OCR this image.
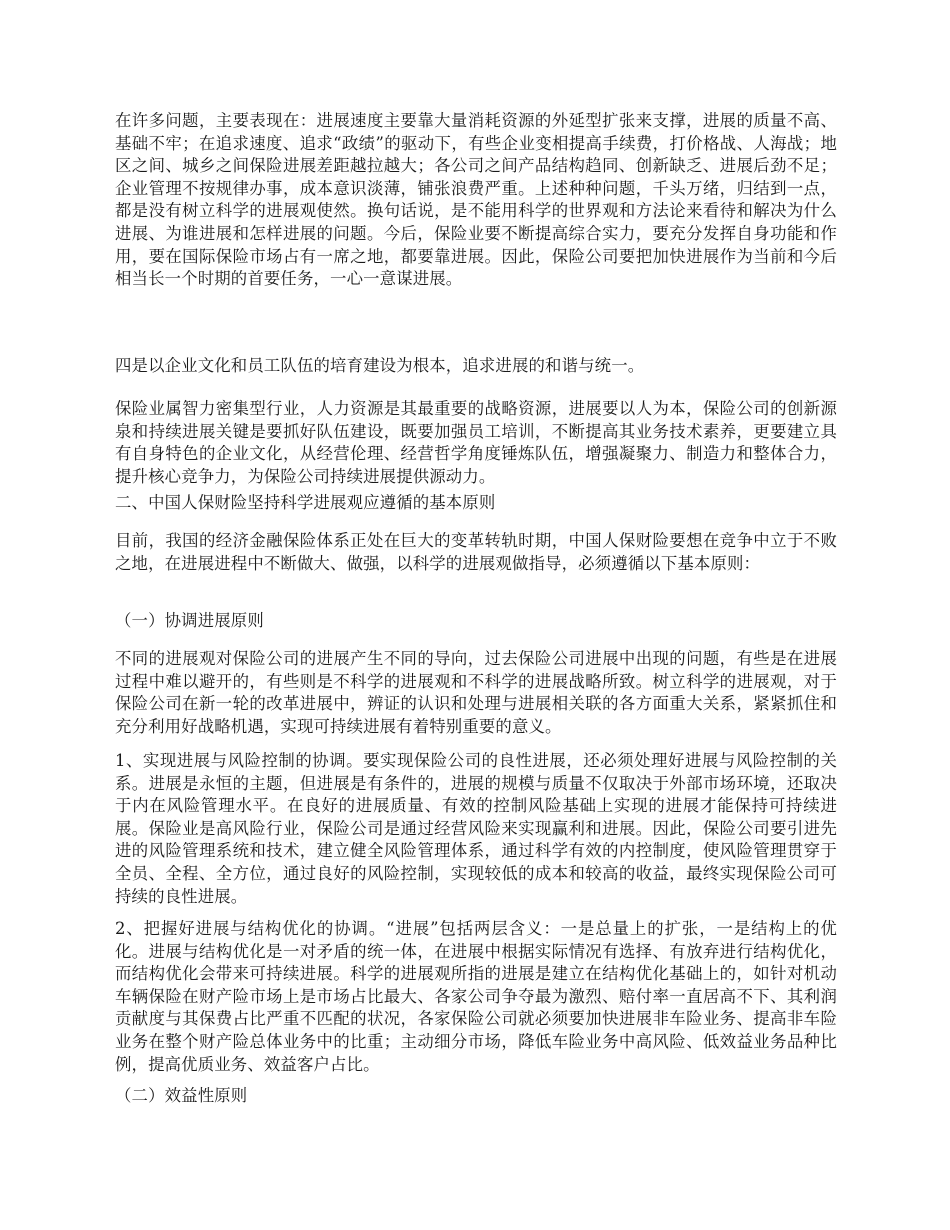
在许多问题，主要表现在：进展速度主要靠大量消耗资源的外延型扩张来支撑，进展的质量不高、基础不牢；在追求速度、追求“政绩”的驱动下，有些企业变相提高手续费，打价格战、人海战；地区之间、城乡之间保险进展差距越拉越大；各公司之间产品结构趋同、创新缺乏、进展后劲不足；企业管理不按规律办事，成本意识淡薄，铺张浪费严重。上述种种问题，千头万绪，归结到一点，都是没有树立科学的进展观使然。换句话说，是不能用科学的世界观和方法论来看待和解决为什么进展、为谁进展和怎样进展的问题。今后，保险业要不断提高综合实力，要充分发挥自身功能和作用，要在国际保险市场占有一席之地，都要靠进展。因此，保险公司要把加快进展作为当前和今后相当长一个时期的首要任务，一心一意谋进展。

四是以企业文化和员工队伍的培育建设为根本，追求进展的和谐与统一。

保险业属智力密集型行业，人力资源是其最重要的战略资源，进展要以人为本，保险公司的创新源泉和持续进展关键是要抓好队伍建设，既要加强员工培训，不断提高其业务技术素养，更要建立具有自身特色的企业文化，从经营伦理、经营哲学角度锤炼队伍，增强凝聚力、制造力和整体合力，提升核心竞争力，为保险公司持续进展提供源动力。

二、中国人保财险坚持科学进展观应遵循的基本原则

目前，我国的经济金融保险体系正处在巨大的变革转轨时期，中国人保财险要想在竞争中立于不败之地，在进展进程中不断做大、做强，以科学的进展观做指导，必须遵循以下基本原则：

（一）协调进展原则

不同的进展观对保险公司的进展产生不同的导向，过去保险公司进展中出现的问题，有些是在进展过程中难以避开的，有些则是不科学的进展观和不科学的进展战略所致。树立科学的进展观，对于保险公司在新一轮的改革进展中，辨证的认识和处理与进展相关联的各方面重大关系，紧紧抓住和充分利用好战略机遇，实现可持续进展有着特别重要的意义。

1、实现进展与风险控制的协调。要实现保险公司的良性进展，还必须处理好进展与风险控制的关系。进展是永恒的主题，但进展是有条件的，进展的规模与质量不仅取决于外部市场环境，还取决于内在风险管理水平。在良好的进展质量、有效的控制风险基础上实现的进展才能保持可持续进展。保险业是高风险行业，保险公司是通过经营风险来实现赢利和进展。因此，保险公司要引进先进的风险管理系统和技术，建立健全风险管理体系，通过科学有效的内控制度，使风险管理贯穿于全员、全程、全方位，通过良好的风险控制，实现较低的成本和较高的收益，最终实现保险公司可持续的良性进展。

2、把握好进展与结构优化的协调。“进展”包括两层含义：一是总量上的扩张，一是结构上的优化。进展与结构优化是一对矛盾的统一体，在进展中根据实际情况有选择、有放弃进行结构优化，而结构优化会带来可持续进展。科学的进展观所指的进展是建立在结构优化基础上的，如针对机动车辆保险在财产险市场上是市场占比最大、各家公司争夺最为激烈、赔付率一直居高不下、其利润贡献度与其保费占比严重不匹配的状况，各家保险公司就必须要加快进展非车险业务、提高非车险业务在整个财产险总体业务中的比重；主动细分市场，降低车险业务中高风险、低效益业务品种比例，提高优质业务、效益客户占比。

（二）效益性原则
